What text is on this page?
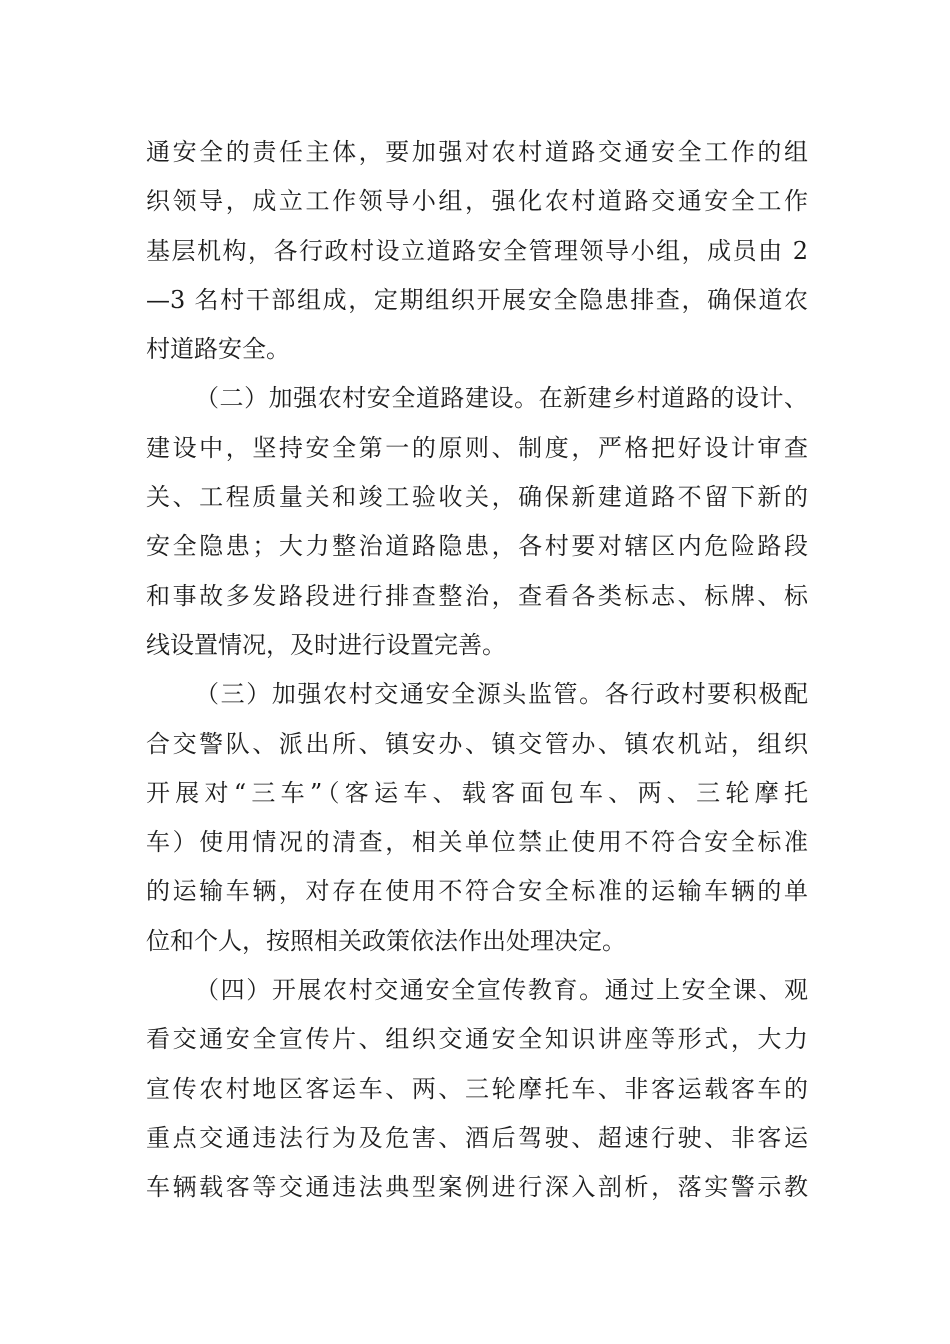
通安全的责任主体，要加强对农村道路交通安全工作的组
织领导，成立工作领导小组，强化农村道路交通安全工作
基层机构，各行政村设立道路安全管理领导小组，成员由 2
—3 名村干部组成，定期组织开展安全隐患排查，确保道农
村道路安全。
（二）加强农村安全道路建设。在新建乡村道路的设计、
建设中，坚持安全第一的原则、制度，严格把好设计审查
关、工程质量关和竣工验收关，确保新建道路不留下新的
安全隐患；大力整治道路隐患，各村要对辖区内危险路段
和事故多发路段进行排查整治，查看各类标志、标牌、标
线设置情况，及时进行设置完善。
（三）加强农村交通安全源头监管。各行政村要积极配
合交警队、派出所、镇安办、镇交管办、镇农机站，组织
开展对“三车”（客运车、载客面包车、两、三轮摩托
车）使用情况的清查，相关单位禁止使用不符合安全标准
的运输车辆，对存在使用不符合安全标准的运输车辆的单
位和个人，按照相关政策依法作出处理决定。
（四）开展农村交通安全宣传教育。通过上安全课、观
看交通安全宣传片、组织交通安全知识讲座等形式，大力
宣传农村地区客运车、两、三轮摩托车、非客运载客车的
重点交通违法行为及危害、酒后驾驶、超速行驶、非客运
车辆载客等交通违法典型案例进行深入剖析，落实警示教
